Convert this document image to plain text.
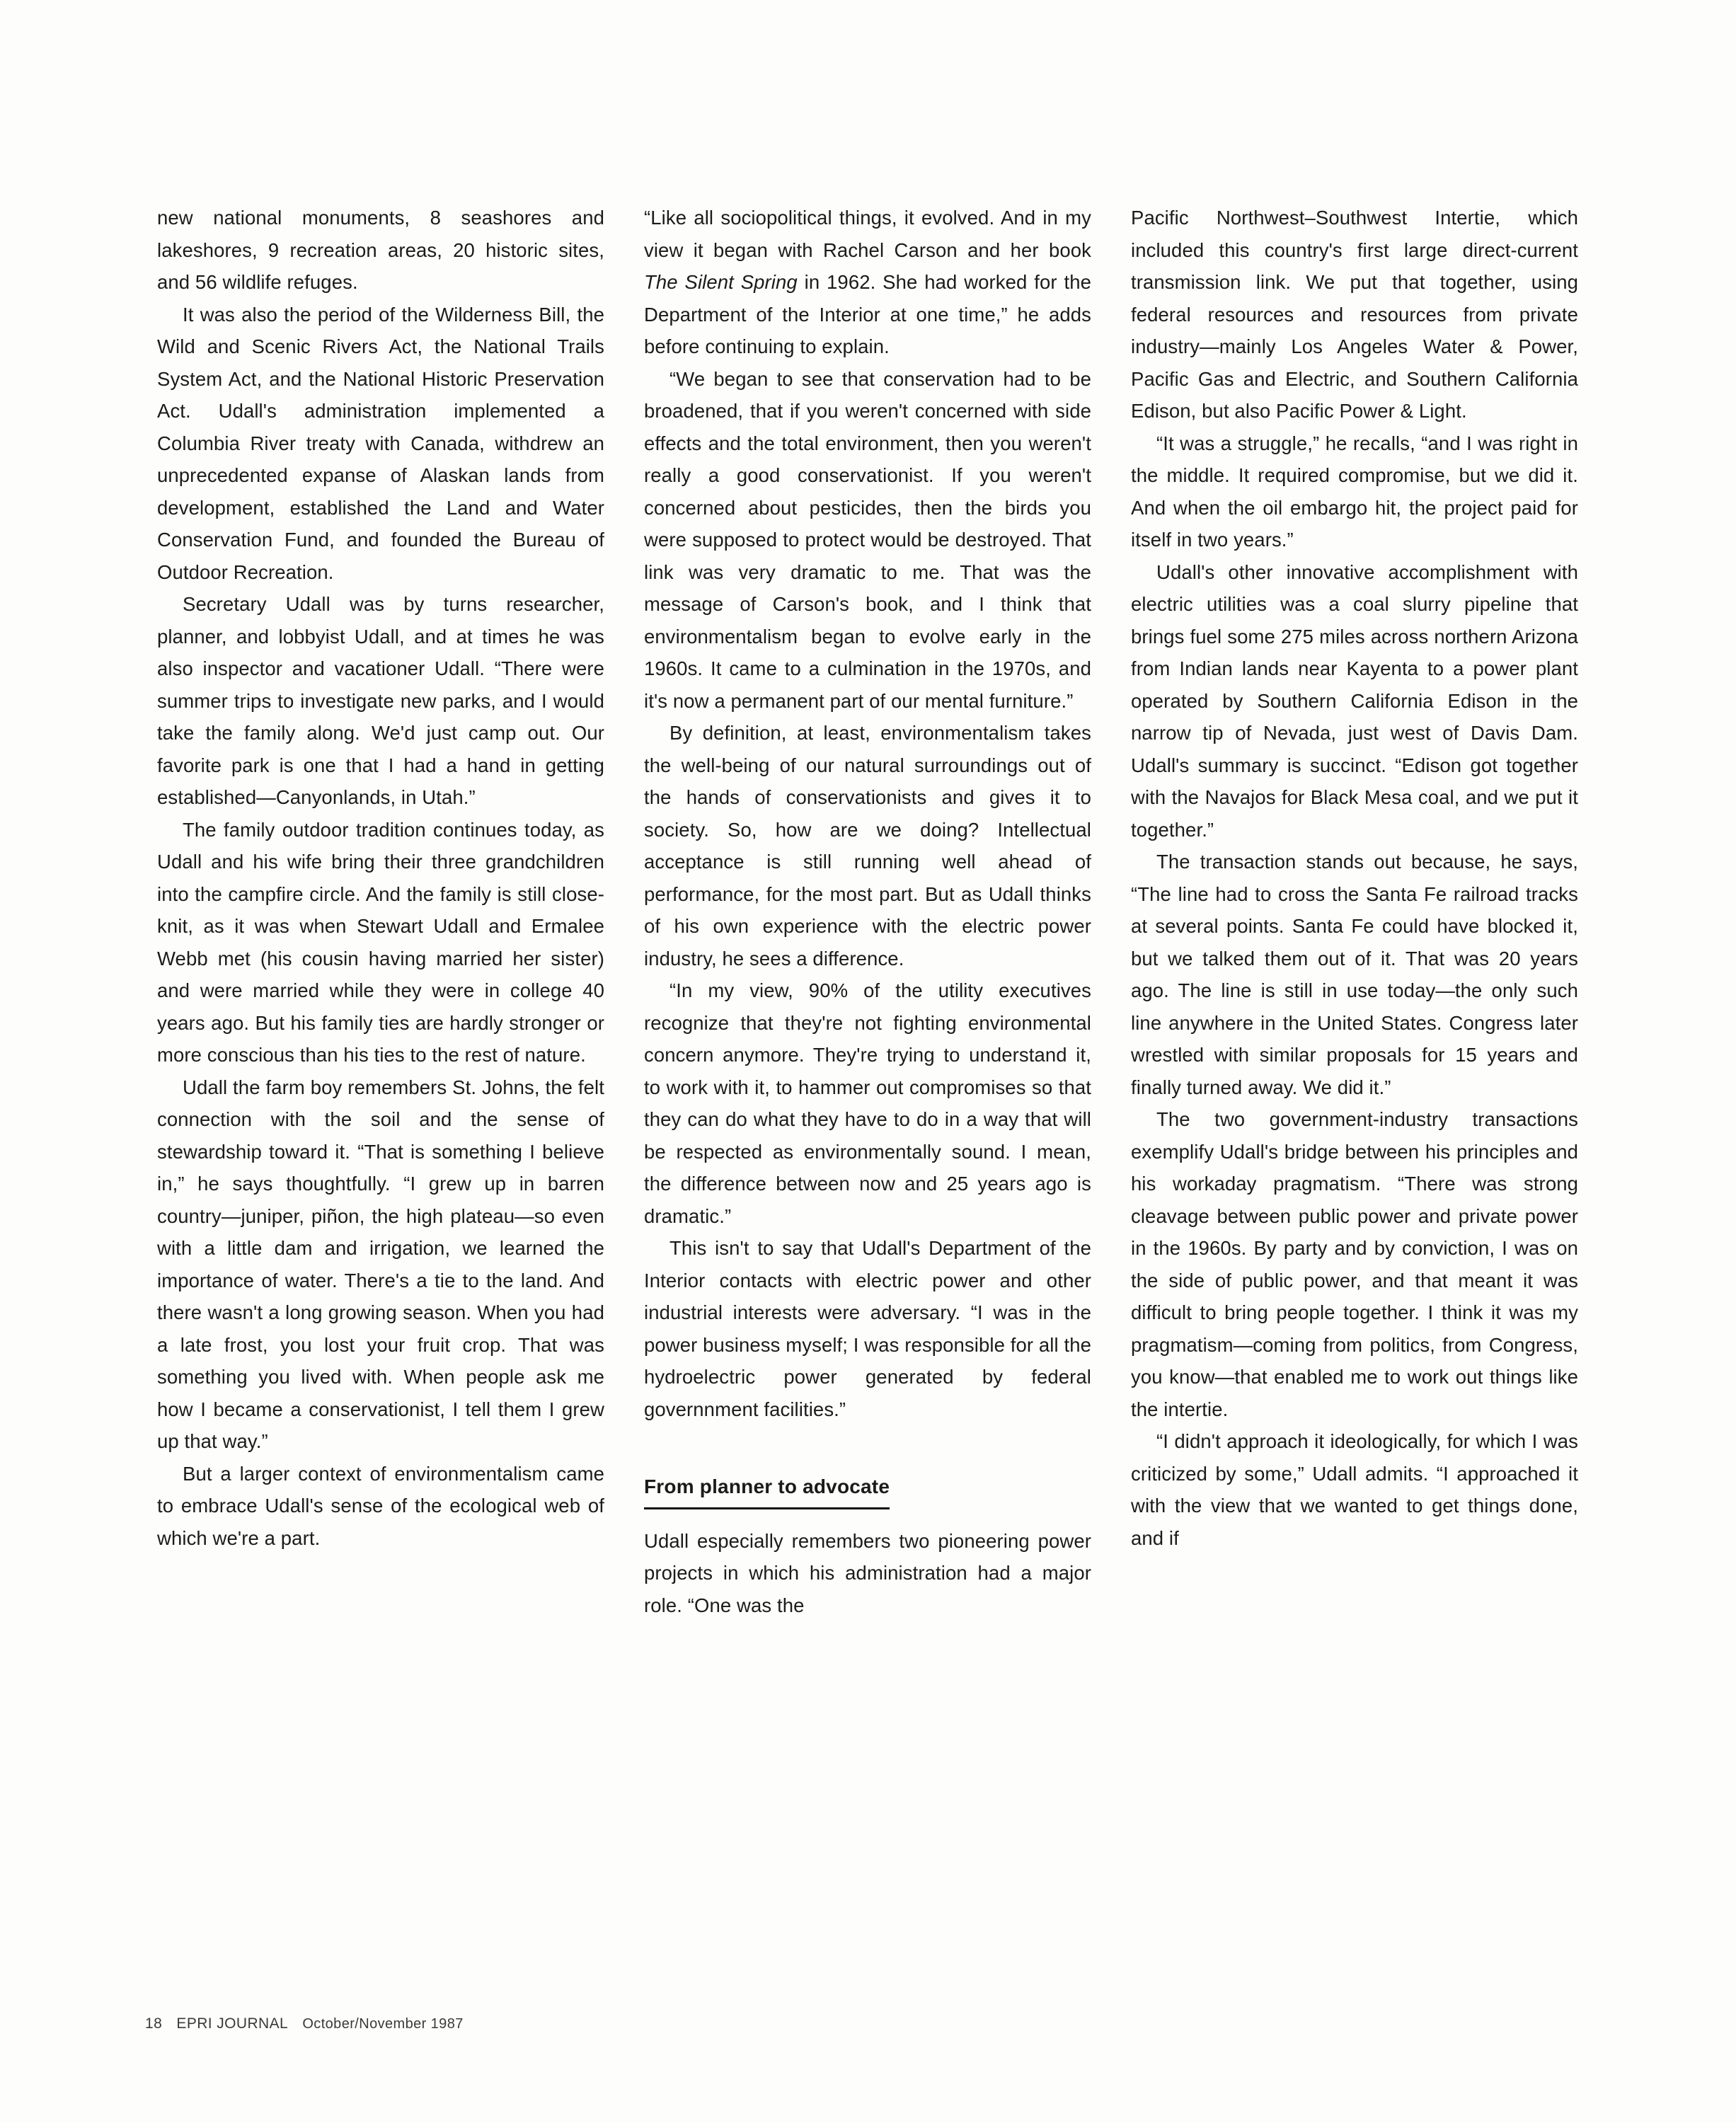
new national monuments, 8 seashores and lakeshores, 9 recreation areas, 20 historic sites, and 56 wildlife refuges.

It was also the period of the Wilderness Bill, the Wild and Scenic Rivers Act, the National Trails System Act, and the National Historic Preservation Act. Udall's administration implemented a Columbia River treaty with Canada, withdrew an unprecedented expanse of Alaskan lands from development, established the Land and Water Conservation Fund, and founded the Bureau of Outdoor Recreation.

Secretary Udall was by turns researcher, planner, and lobbyist Udall, and at times he was also inspector and vacationer Udall. “There were summer trips to investigate new parks, and I would take the family along. We'd just camp out. Our favorite park is one that I had a hand in getting established—Canyonlands, in Utah.”

The family outdoor tradition continues today, as Udall and his wife bring their three grandchildren into the campfire circle. And the family is still close-knit, as it was when Stewart Udall and Ermalee Webb met (his cousin having married her sister) and were married while they were in college 40 years ago. But his family ties are hardly stronger or more conscious than his ties to the rest of nature.

Udall the farm boy remembers St. Johns, the felt connection with the soil and the sense of stewardship toward it. “That is something I believe in,” he says thoughtfully. “I grew up in barren country—juniper, piñon, the high plateau—so even with a little dam and irrigation, we learned the importance of water. There's a tie to the land. And there wasn't a long growing season. When you had a late frost, you lost your fruit crop. That was something you lived with. When people ask me how I became a conservationist, I tell them I grew up that way.”

But a larger context of environmentalism came to embrace Udall's sense of the ecological web of which we're a part.

“Like all sociopolitical things, it evolved. And in my view it began with Rachel Carson and her book The Silent Spring in 1962. She had worked for the Department of the Interior at one time,” he adds before continuing to explain.

“We began to see that conservation had to be broadened, that if you weren't concerned with side effects and the total environment, then you weren't really a good conservationist. If you weren't concerned about pesticides, then the birds you were supposed to protect would be destroyed. That link was very dramatic to me. That was the message of Carson's book, and I think that environmentalism began to evolve early in the 1960s. It came to a culmination in the 1970s, and it's now a permanent part of our mental furniture.”

By definition, at least, environmentalism takes the well-being of our natural surroundings out of the hands of conservationists and gives it to society. So, how are we doing? Intellectual acceptance is still running well ahead of performance, for the most part. But as Udall thinks of his own experience with the electric power industry, he sees a difference.

“In my view, 90% of the utility executives recognize that they're not fighting environmental concern anymore. They're trying to understand it, to work with it, to hammer out compromises so that they can do what they have to do in a way that will be respected as environmentally sound. I mean, the difference between now and 25 years ago is dramatic.”

This isn't to say that Udall's Department of the Interior contacts with electric power and other industrial interests were adversary. “I was in the power business myself; I was responsible for all the hydroelectric power generated by federal governnment facilities.”

From planner to advocate

Udall especially remembers two pioneering power projects in which his administration had a major role. “One was the

Pacific Northwest–Southwest Intertie, which included this country's first large direct-current transmission link. We put that together, using federal resources and resources from private industry—mainly Los Angeles Water & Power, Pacific Gas and Electric, and Southern California Edison, but also Pacific Power & Light.

“It was a struggle,” he recalls, “and I was right in the middle. It required compromise, but we did it. And when the oil embargo hit, the project paid for itself in two years.”

Udall's other innovative accomplishment with electric utilities was a coal slurry pipeline that brings fuel some 275 miles across northern Arizona from Indian lands near Kayenta to a power plant operated by Southern California Edison in the narrow tip of Nevada, just west of Davis Dam. Udall's summary is succinct. “Edison got together with the Navajos for Black Mesa coal, and we put it together.”

The transaction stands out because, he says, “The line had to cross the Santa Fe railroad tracks at several points. Santa Fe could have blocked it, but we talked them out of it. That was 20 years ago. The line is still in use today—the only such line anywhere in the United States. Congress later wrestled with similar proposals for 15 years and finally turned away. We did it.”

The two government-industry transactions exemplify Udall's bridge between his principles and his workaday pragmatism. “There was strong cleavage between public power and private power in the 1960s. By party and by conviction, I was on the side of public power, and that meant it was difficult to bring people together. I think it was my pragmatism—coming from politics, from Congress, you know—that enabled me to work out things like the intertie.

“I didn't approach it ideologically, for which I was criticized by some,” Udall admits. “I approached it with the view that we wanted to get things done, and if

18 EPRI JOURNAL October/November 1987
